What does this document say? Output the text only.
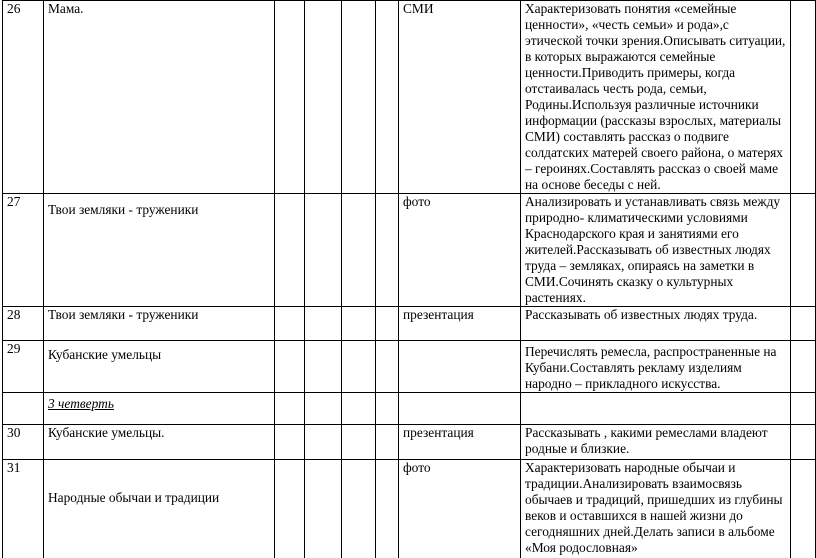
26	Мама.					СМИ	Характеризовать понятия «семейные ценности», «честь семьи» и рода»,с этической точки зрения.Описывать ситуации, в которых выражаются семейные ценности.Приводить примеры, когда отстаивалась честь рода, семьи, Родины.Используя различные источники информации (рассказы взрослых, материалы СМИ) составлять рассказ о подвиге солдатских матерей своего района, о матерях – героинях.Составлять рассказ о своей маме на основе беседы с ней.	
27	Твои земляки - труженики					фото	Анализировать и устанавливать связь между природно- климатическими условиями Краснодарского края и занятиями его жителей.Рассказывать об известных людях труда – земляках, опираясь на заметки в СМИ.Сочинять сказку о культурных растениях.	
28	Твои земляки - труженики					презентация	Рассказывать об известных людях труда.	
29	Кубанские умельцы						Перечислять ремесла, распространенные на Кубани.Составлять рекламу изделиям народно – прикладного искусства.	
	3 четверть							
30	Кубанские умельцы.					презентация	Рассказывать , какими ремеслами владеют родные и близкие.	
31	Народные обычаи и традиции					фото	Характеризовать народные обычаи и традиции.Анализировать взаимосвязь обычаев и традиций, пришедших из глубины веков и оставшихся в нашей жизни до сегодняшних дней.Делать записи в альбоме «Моя родословная»	
